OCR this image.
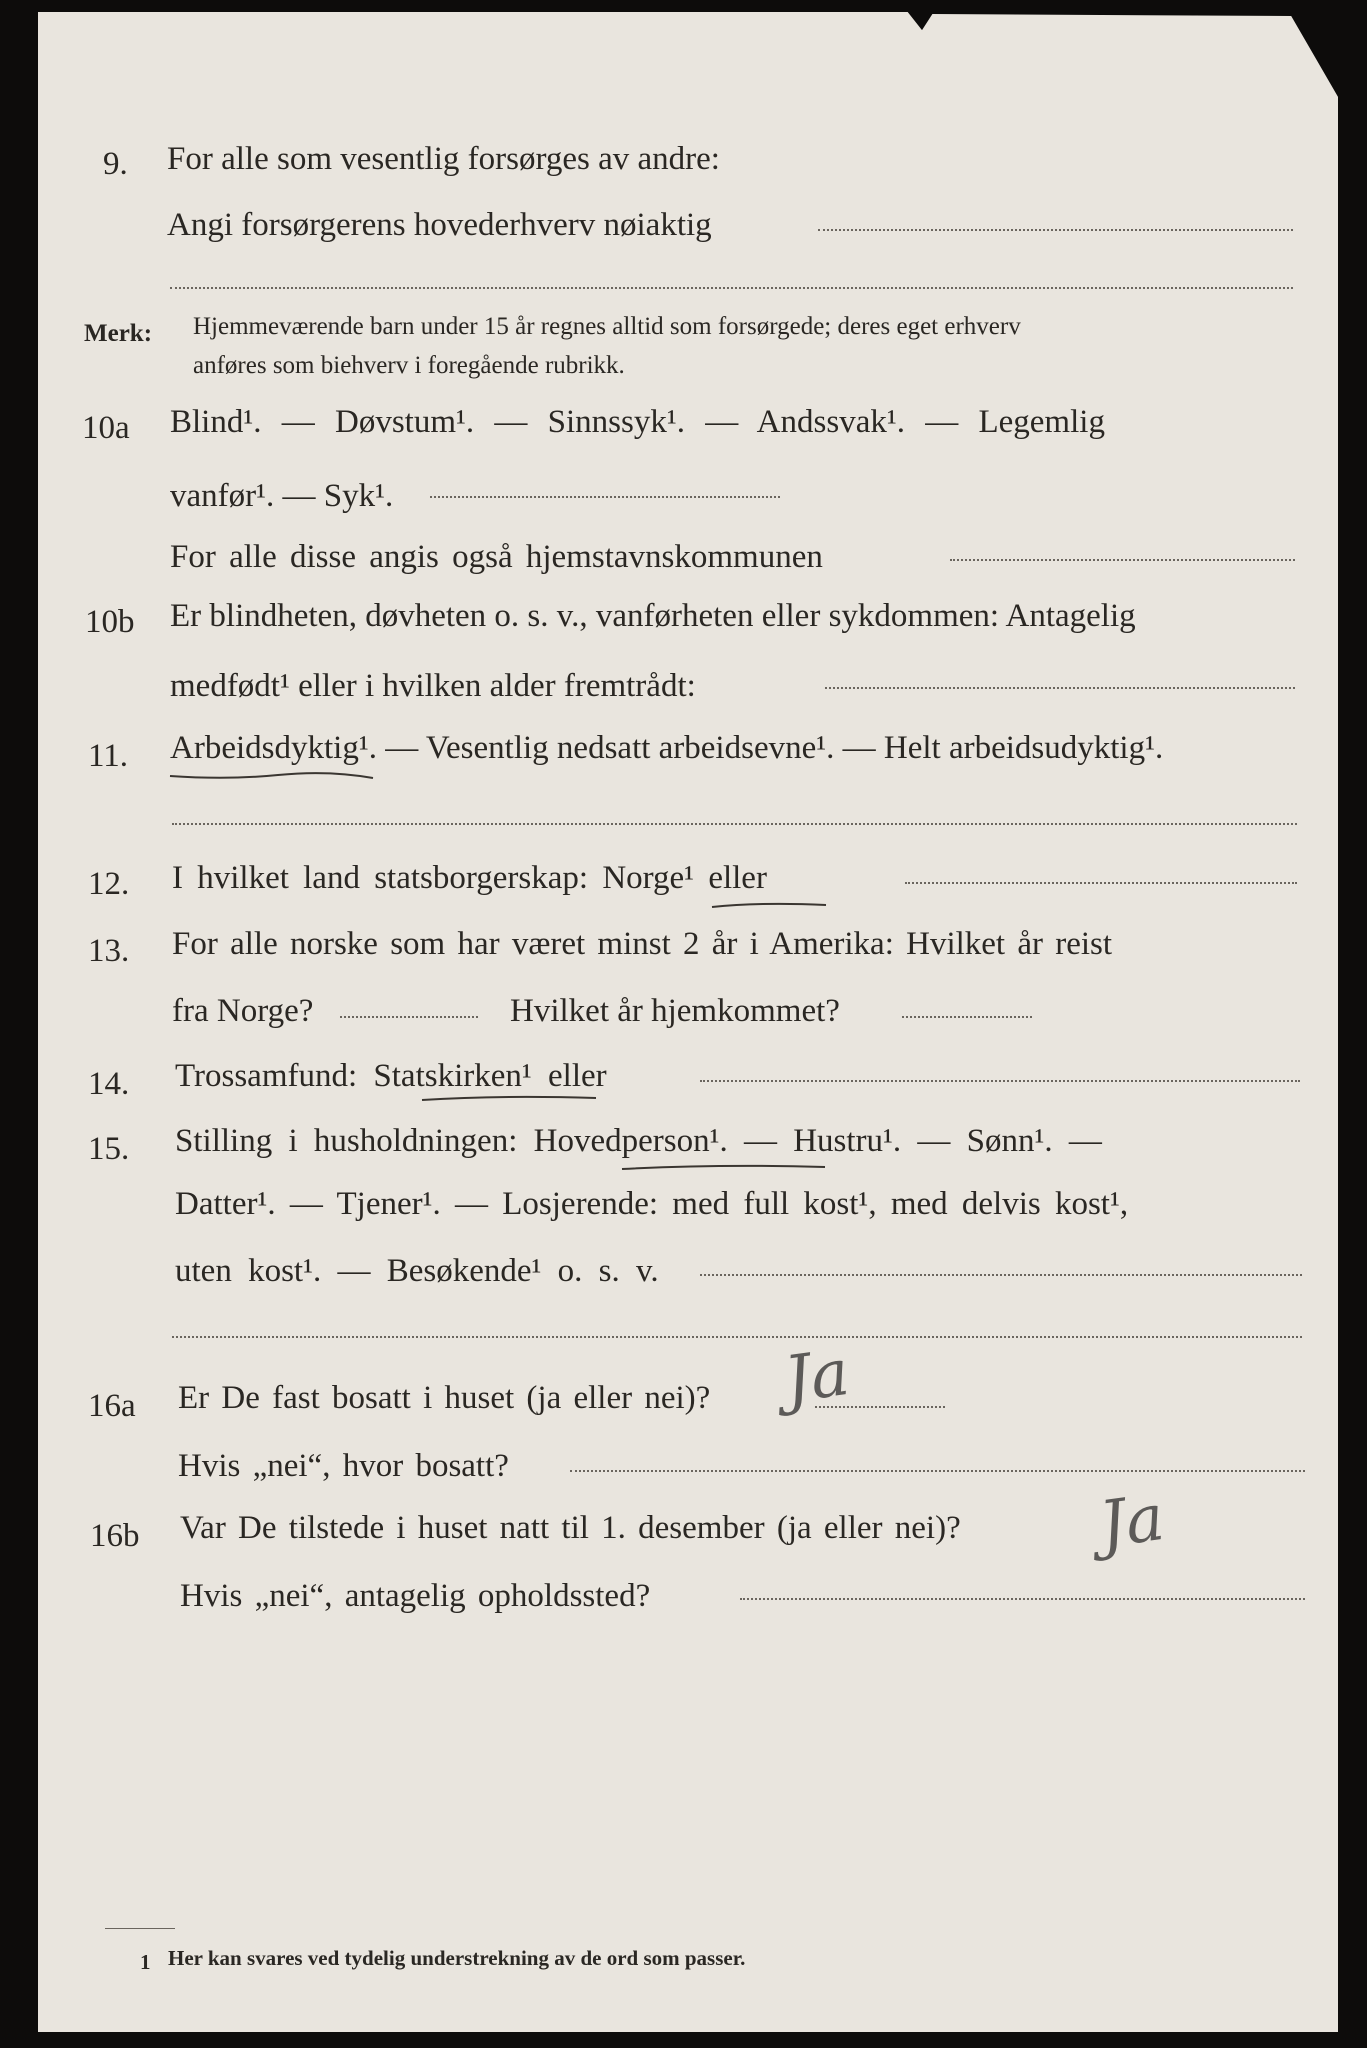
9. For alle som vesentlig forsørges av andre:
Angi forsørgerens hovederhverv nøiaktig
Merk: Hjemmeværende barn under 15 år regnes alltid som forsørgede; deres eget erhverv
anføres som biehverv i foregående rubrikk.
10a Blind¹. — Døvstum¹. — Sinnssyk¹. — Andssvak¹. — Legemlig
vanfør¹. — Syk¹.
For alle disse angis også hjemstavnskommunen
10b Er blindheten, døvheten o. s. v., vanførheten eller sykdommen: Antagelig
medfødt¹ eller i hvilken alder fremtrådt:
11. Arbeidsdyktig¹. — Vesentlig nedsatt arbeidsevne¹. — Helt arbeidsudyktig¹.
12. I hvilket land statsborgerskap: Norge¹ eller
13. For alle norske som har været minst 2 år i Amerika: Hvilket år reist
fra Norge?	Hvilket år hjemkommet?
14. Trossamfund: Statskirken¹ eller
15. Stilling i husholdningen: Hovedperson¹. — Hustru¹. — Sønn¹. —
Datter¹. — Tjener¹. — Losjerende: med full kost¹, med delvis kost¹,
uten kost¹. — Besøkende¹ o. s. v.
16a Er De fast bosatt i huset (ja eller nei)? Ja
Hvis „nei“, hvor bosatt?
16b Var De tilstede i huset natt til 1. desember (ja eller nei)? Ja
Hvis „nei“, antagelig opholdssted?
1 Her kan svares ved tydelig understrekning av de ord som passer.
